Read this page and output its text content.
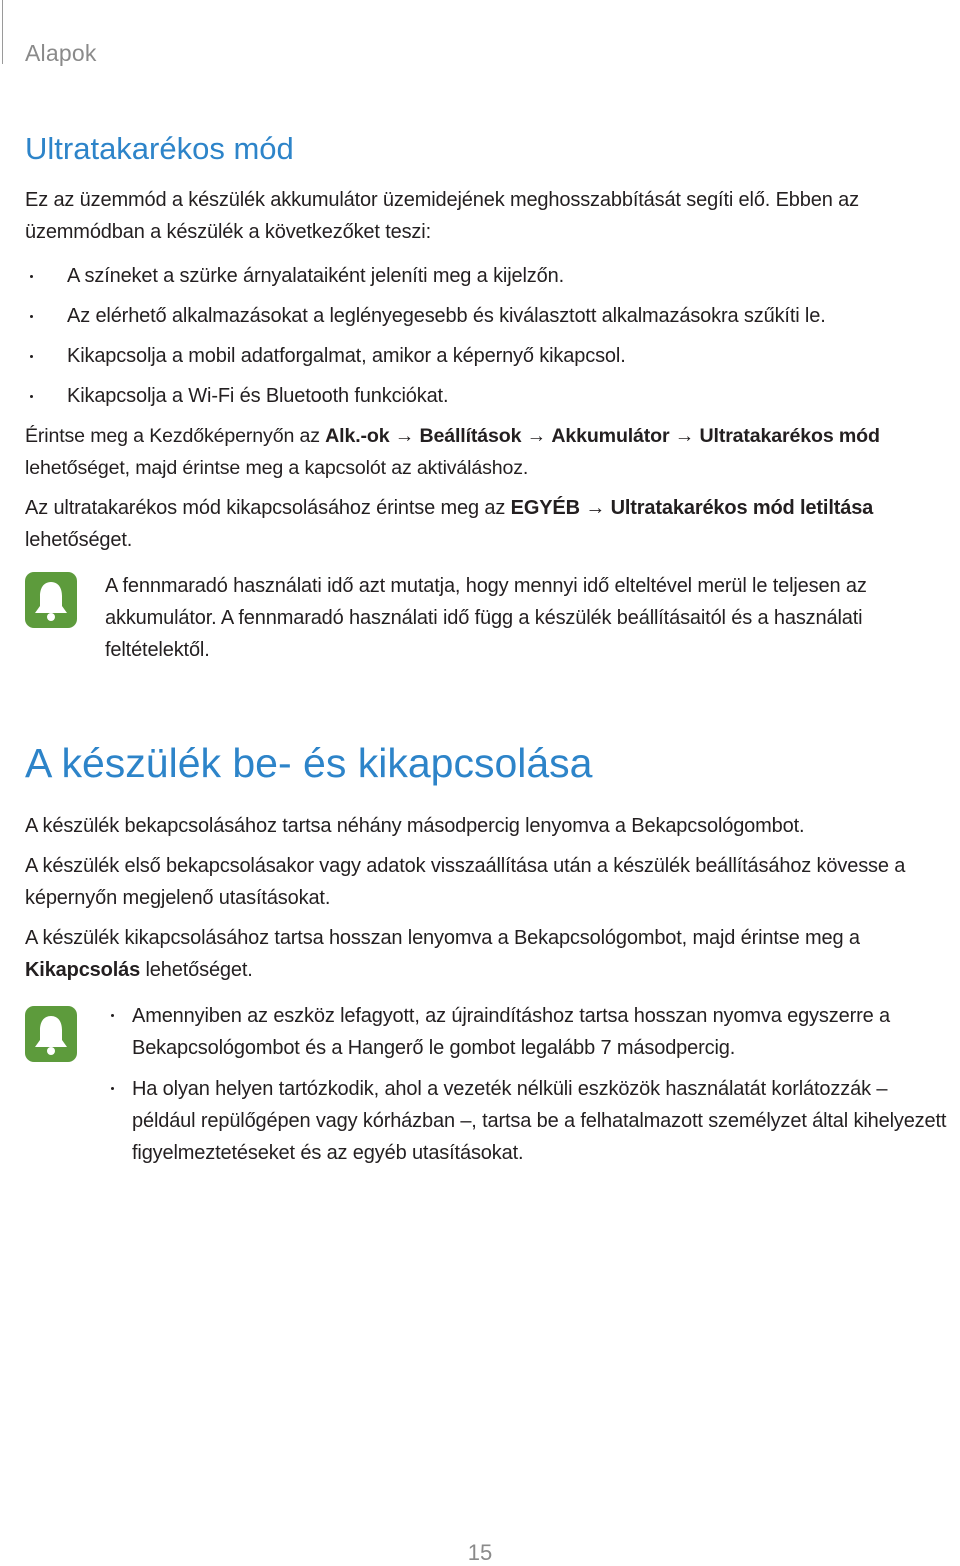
Alapok
Ultratakarékos mód

Ez az üzemmód a készülék akkumulátor üzemidejének meghosszabbítását segíti elő. Ebben az üzemmódban a készülék a következőket teszi:

A színeket a szürke árnyalataiként jeleníti meg a kijelzőn.
Az elérhető alkalmazásokat a leglényegesebb és kiválasztott alkalmazásokra szűkíti le.
Kikapcsolja a mobil adatforgalmat, amikor a képernyő kikapcsol.
Kikapcsolja a Wi-Fi és Bluetooth funkciókat.

Érintse meg a Kezdőképernyőn az Alk.-ok → Beállítások → Akkumulátor → Ultratakarékos mód lehetőséget, majd érintse meg a kapcsolót az aktiváláshoz.

Az ultratakarékos mód kikapcsolásához érintse meg az EGYÉB → Ultratakarékos mód letiltása lehetőséget.

A fennmaradó használati idő azt mutatja, hogy mennyi idő elteltével merül le teljesen az akkumulátor. A fennmaradó használati idő függ a készülék beállításaitól és a használati feltételektől.

A készülék be- és kikapcsolása

A készülék bekapcsolásához tartsa néhány másodpercig lenyomva a Bekapcsológombot.

A készülék első bekapcsolásakor vagy adatok visszaállítása után a készülék beállításához kövesse a képernyőn megjelenő utasításokat.

A készülék kikapcsolásához tartsa hosszan lenyomva a Bekapcsológombot, majd érintse meg a Kikapcsolás lehetőséget.

Amennyiben az eszköz lefagyott, az újraindításhoz tartsa hosszan nyomva egyszerre a Bekapcsológombot és a Hangerő le gombot legalább 7 másodpercig.
Ha olyan helyen tartózkodik, ahol a vezeték nélküli eszközök használatát korlátozzák – például repülőgépen vagy kórházban –, tartsa be a felhatalmazott személyzet által kihelyezett figyelmeztetéseket és az egyéb utasításokat.
15
